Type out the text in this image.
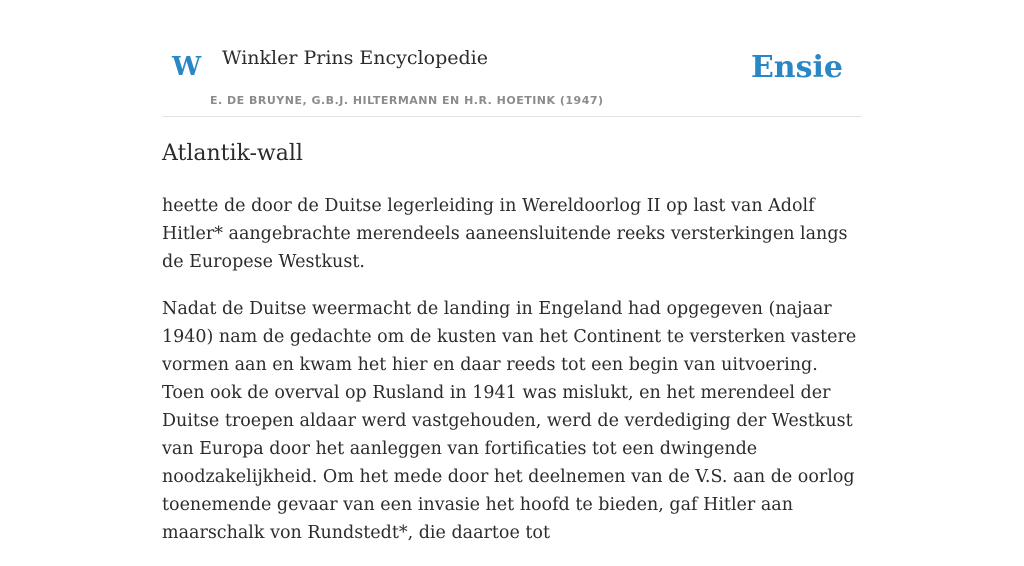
W Winkler Prins Encyclopedie
E. DE BRUYNE, G.B.J. HILTERMANN EN H.R. HOETINK (1947)
Ensie
Atlantik-wall

heette de door de Duitse legerleiding in Wereldoorlog II op last van Adolf Hitler* aangebrachte merendeels aaneensluitende reeks versterkingen langs de Europese Westkust.

Nadat de Duitse weermacht de landing in Engeland had opgegeven (najaar 1940) nam de gedachte om de kusten van het Continent te versterken vastere vormen aan en kwam het hier en daar reeds tot een begin van uitvoering. Toen ook de overval op Rusland in 1941 was mislukt, en het merendeel der Duitse troepen aldaar werd vastgehouden, werd de verdediging der Westkust van Europa door het aanleggen van fortificaties tot een dwingende noodzakelijkheid. Om het mede door het deelnemen van de V.S. aan de oorlog toenemende gevaar van een invasie het hoofd te bieden, gaf Hitler aan maarschalk von Rundstedt*, die daartoe tot
